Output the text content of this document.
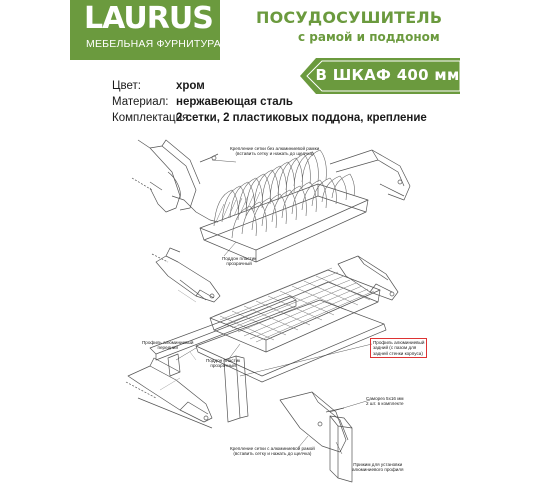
LAURUS
МЕБЕЛЬНАЯ ФУРНИТУРА
ПОСУДОСУШИТЕЛЬ
с рамой и поддоном
В ШКАФ 400 мм
Цвет:	хром
Материал: нержавеющая сталь
Комплектация:
2 сетки, 2 пластиковых поддона, крепление
Крепление сетки без алюминиевой рамки
(вставить сетку и нажать до щелчка)
Поддон пластик
прозрачный
Профиль алюминиевый
передний
Поддон пластик
прозрачный
Профиль алюминиевый
задний (с пазом для
задней стенки корпуса)
Саморез 5х16 мм
2 шт. в комплекте
Крепление сетки с алюминиевой рамой
(вставить сетку и нажать до щелчка)
Прижим для установки
алюминиевого профиля
